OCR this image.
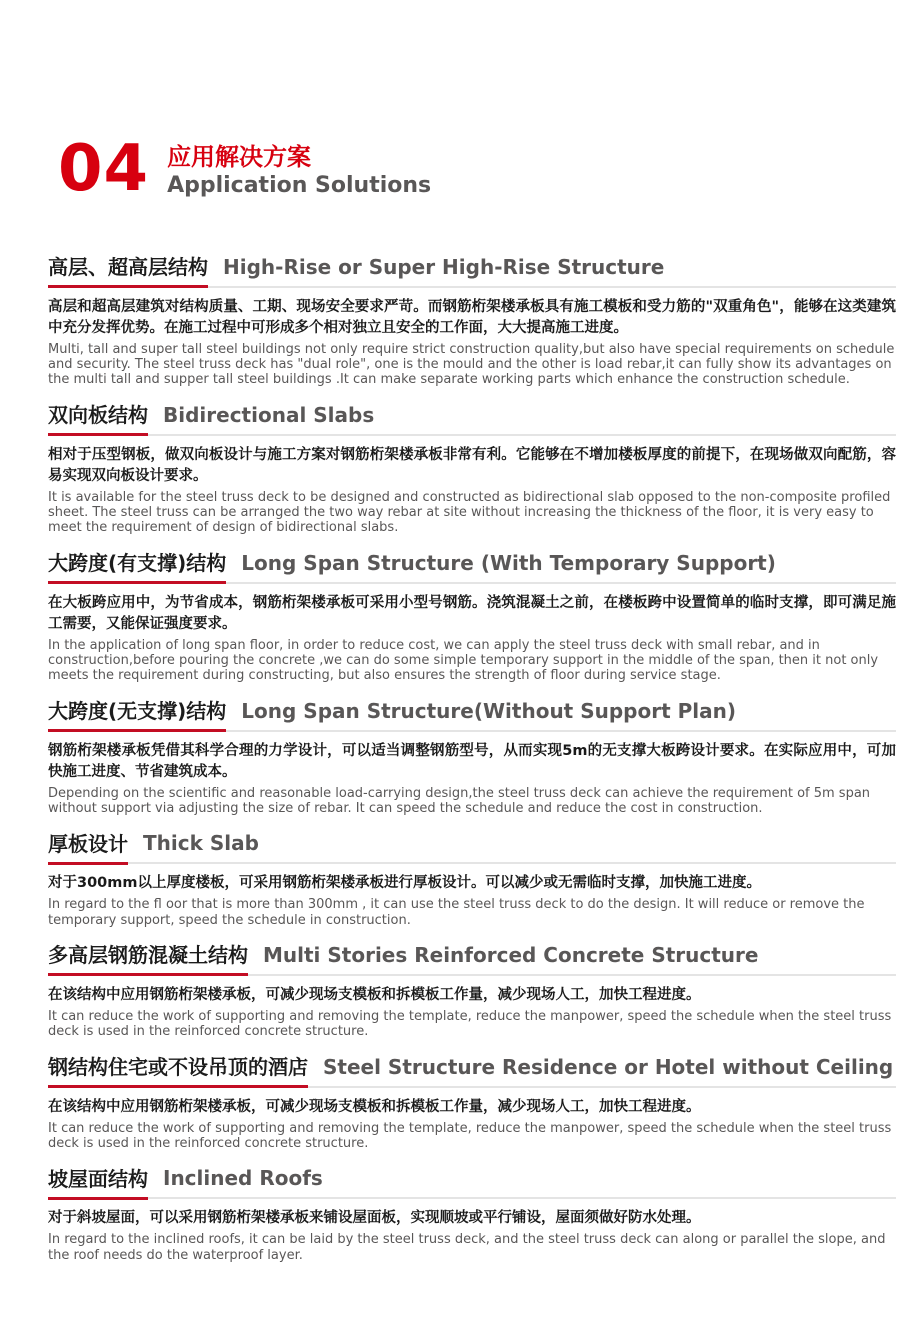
04 应用解决方案
Application Solutions
高层、超高层结构 High-Rise or Super High-Rise Structure

高层和超高层建筑对结构质量、工期、现场安全要求严苛。而钢筋桁架楼承板具有施工模板和受力筋的"双重角色"，能够在这类建筑中充分发挥优势。在施工过程中可形成多个相对独立且安全的工作面，大大提高施工进度。

Multi, tall and super tall steel buildings not only require strict construction quality,but also have special requirements on schedule and security. The steel truss deck has "dual role", one is the mould and the other is load rebar,it can fully show its advantages on the multi tall and supper tall steel buildings .It can make separate working parts which enhance the construction schedule.

双向板结构 Bidirectional Slabs

相对于压型钢板，做双向板设计与施工方案对钢筋桁架楼承板非常有利。它能够在不增加楼板厚度的前提下，在现场做双向配筋，容易实现双向板设计要求。

It is available for the steel truss deck to be designed and constructed as bidirectional slab opposed to the non-composite profiled sheet. The steel truss can be arranged the two way rebar at site without increasing the thickness of the floor, it is very easy to meet the requirement of design of bidirectional slabs.

大跨度(有支撑)结构 Long Span Structure (With Temporary Support)

在大板跨应用中，为节省成本，钢筋桁架楼承板可采用小型号钢筋。浇筑混凝土之前，在楼板跨中设置简单的临时支撑，即可满足施工需要，又能保证强度要求。

In the application of long span floor, in order to reduce cost, we can apply the steel truss deck with small rebar, and in construction,before pouring the concrete ,we can do some simple temporary support in the middle of the span, then it not only meets the requirement during constructing, but also ensures the strength of floor during service stage.

大跨度(无支撑)结构 Long Span Structure(Without Support Plan)

钢筋桁架楼承板凭借其科学合理的力学设计，可以适当调整钢筋型号，从而实现5m的无支撑大板跨设计要求。在实际应用中，可加快施工进度、节省建筑成本。

Depending on the scientific and reasonable load-carrying design,the steel truss deck can achieve the requirement of 5m span without support via adjusting the size of rebar. It can speed the schedule and reduce the cost in construction.

厚板设计 Thick Slab

对于300mm以上厚度楼板，可采用钢筋桁架楼承板进行厚板设计。可以减少或无需临时支撑，加快施工进度。

In regard to the fl oor that is more than 300mm , it can use the steel truss deck to do the design. It will reduce or remove the temporary support, speed the schedule in construction.

多高层钢筋混凝土结构 Multi Stories Reinforced Concrete Structure

在该结构中应用钢筋桁架楼承板，可减少现场支模板和拆模板工作量，减少现场人工，加快工程进度。

It can reduce the work of supporting and removing the template, reduce the manpower, speed the schedule when the steel truss deck is used in the reinforced concrete structure.

钢结构住宅或不设吊顶的酒店 Steel Structure Residence or Hotel without Ceiling

在该结构中应用钢筋桁架楼承板，可减少现场支模板和拆模板工作量，减少现场人工，加快工程进度。

It can reduce the work of supporting and removing the template, reduce the manpower, speed the schedule when the steel truss deck is used in the reinforced concrete structure.

坡屋面结构 Inclined Roofs

对于斜坡屋面，可以采用钢筋桁架楼承板来铺设屋面板，实现顺坡或平行铺设，屋面须做好防水处理。

In regard to the inclined roofs, it can be laid by the steel truss deck, and the steel truss deck can along or parallel the slope, and the roof needs do the waterproof layer.
